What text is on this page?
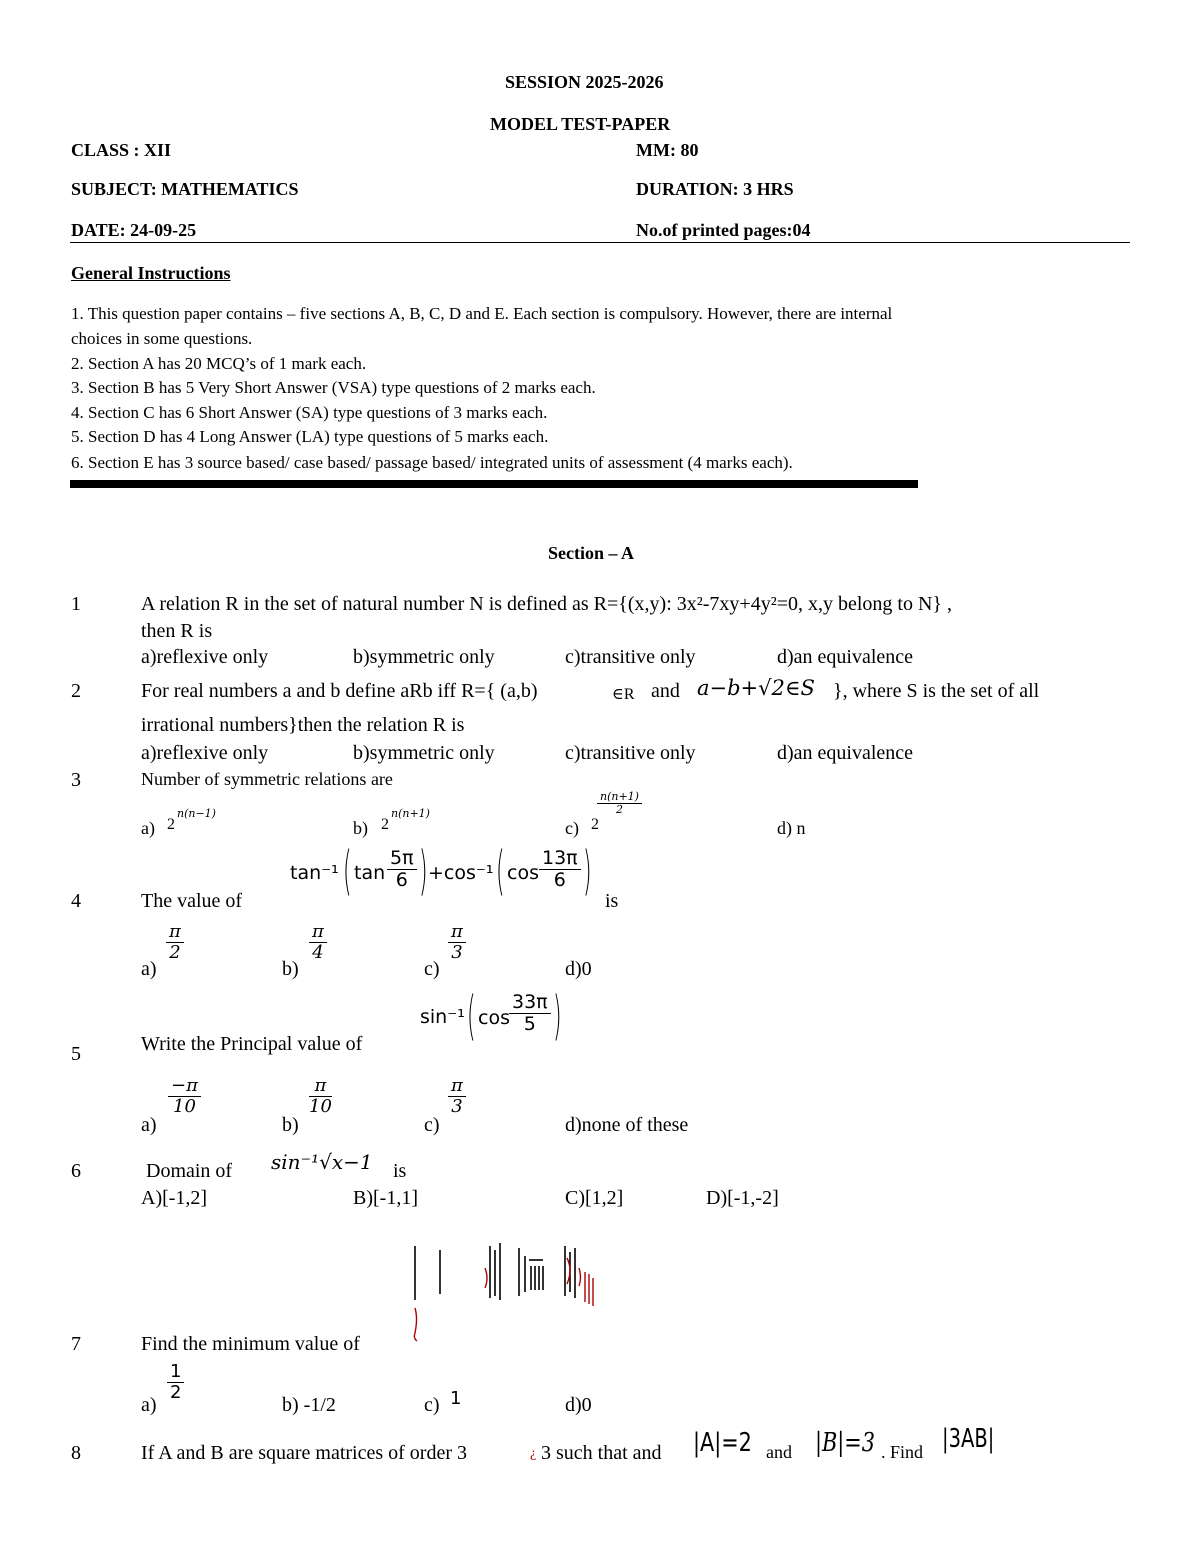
SESSION 2025-2026
MODEL TEST-PAPER
CLASS : XII	MM: 80
SUBJECT: MATHEMATICS	DURATION: 3 HRS
DATE: 24-09-25	No.of printed pages:04
General Instructions
1. This question paper contains – five sections A, B, C, D and E. Each section is compulsory. However, there are internal
choices in some questions.
2. Section A has 20 MCQ’s of 1 mark each.
3. Section B has 5 Very Short Answer (VSA) type questions of 2 marks each.
4. Section C has 6 Short Answer (SA) type questions of 3 marks each.
5. Section D has 4 Long Answer (LA) type questions of 5 marks each.
6. Section E has 3 source based/ case based/ passage based/ integrated units of assessment (4 marks each).
Section – A
1	A relation R in the set of natural number N is defined as R={(x,y): 3x²-7xy+4y²=0, x,y belong to N} ,
then R is
a)reflexive only	b)symmetric only	c)transitive only	d)an equivalence
2	For real numbers a and b define aRb iff R={ (a,b)	∈R and a−b+√2∈S }, where S is the set of all
irrational numbers}then the relation R is
a)reflexive only	b)symmetric only	c)transitive only	d)an equivalence
3	Number of symmetric relations are
a) 2
n(n−1)
b) 2
n(n+1)
c) 2
$\frac{n(n+1)}{2}$
d) n
4	The value of
tan⁻¹ ( $\tan \frac{5\pi}{6}$ ) +cos⁻¹ ( $\cos \frac{13\pi}{6}$ ) is
a)
$\frac{\pi}{2}$
b)
$\frac{\pi}{4}$
c)
$\frac{\pi}{3}$
d)0
5	Write the Principal value of
sin⁻¹ ( $\cos \frac{33\pi}{5}$ )
a)
$\frac{-\pi}{10}$
b)
$\frac{\pi}{10}$
c)
$\frac{\pi}{3}$
d)none of these
6	Domain of sin⁻¹√x−1 is
A)[-1,2]	B)[-1,1]	C)[1,2]	D)[-1,-2]
7	Find the minimum value of
a)
$\frac{1}{2}$
b) -1/2	c) 1	d)0
8	If A and B are square matrices of order 3	¿ 3 such that and |A|=2 and |B|=3 . Find |3AB|
